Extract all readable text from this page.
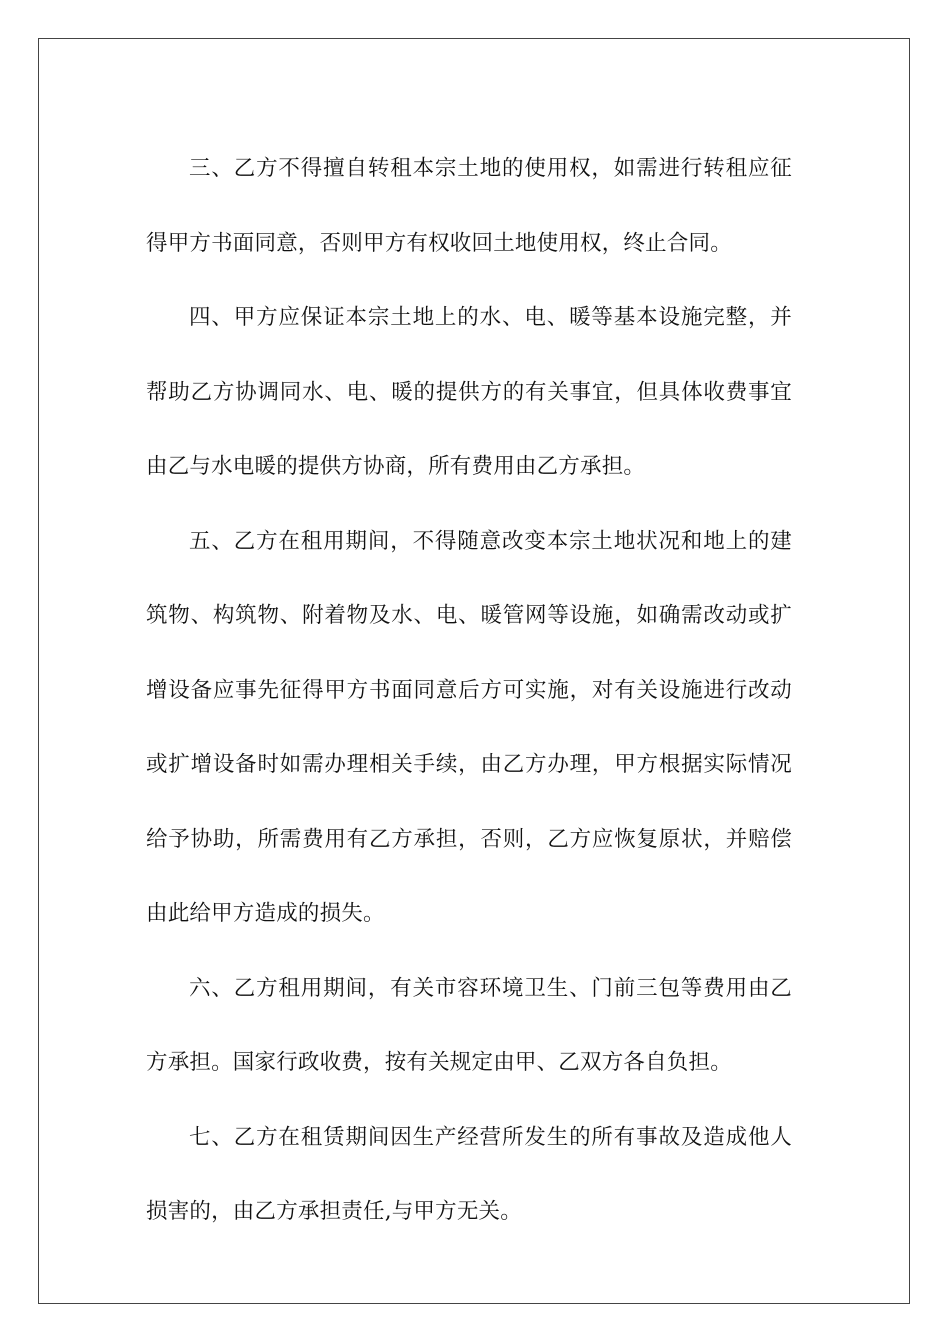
三、乙方不得擅自转租本宗土地的使用权，如需进行转租应征得甲方书面同意，否则甲方有权收回土地使用权，终止合同。

四、甲方应保证本宗土地上的水、电、暖等基本设施完整，并帮助乙方协调同水、电、暖的提供方的有关事宜，但具体收费事宜由乙与水电暖的提供方协商，所有费用由乙方承担。

五、乙方在租用期间，不得随意改变本宗土地状况和地上的建筑物、构筑物、附着物及水、电、暖管网等设施，如确需改动或扩增设备应事先征得甲方书面同意后方可实施，对有关设施进行改动或扩增设备时如需办理相关手续，由乙方办理，甲方根据实际情况给予协助，所需费用有乙方承担，否则，乙方应恢复原状，并赔偿由此给甲方造成的损失。

六、乙方租用期间，有关市容环境卫生、门前三包等费用由乙方承担。国家行政收费，按有关规定由甲、乙双方各自负担。

七、乙方在租赁期间因生产经营所发生的所有事故及造成他人损害的，由乙方承担责任,与甲方无关。
